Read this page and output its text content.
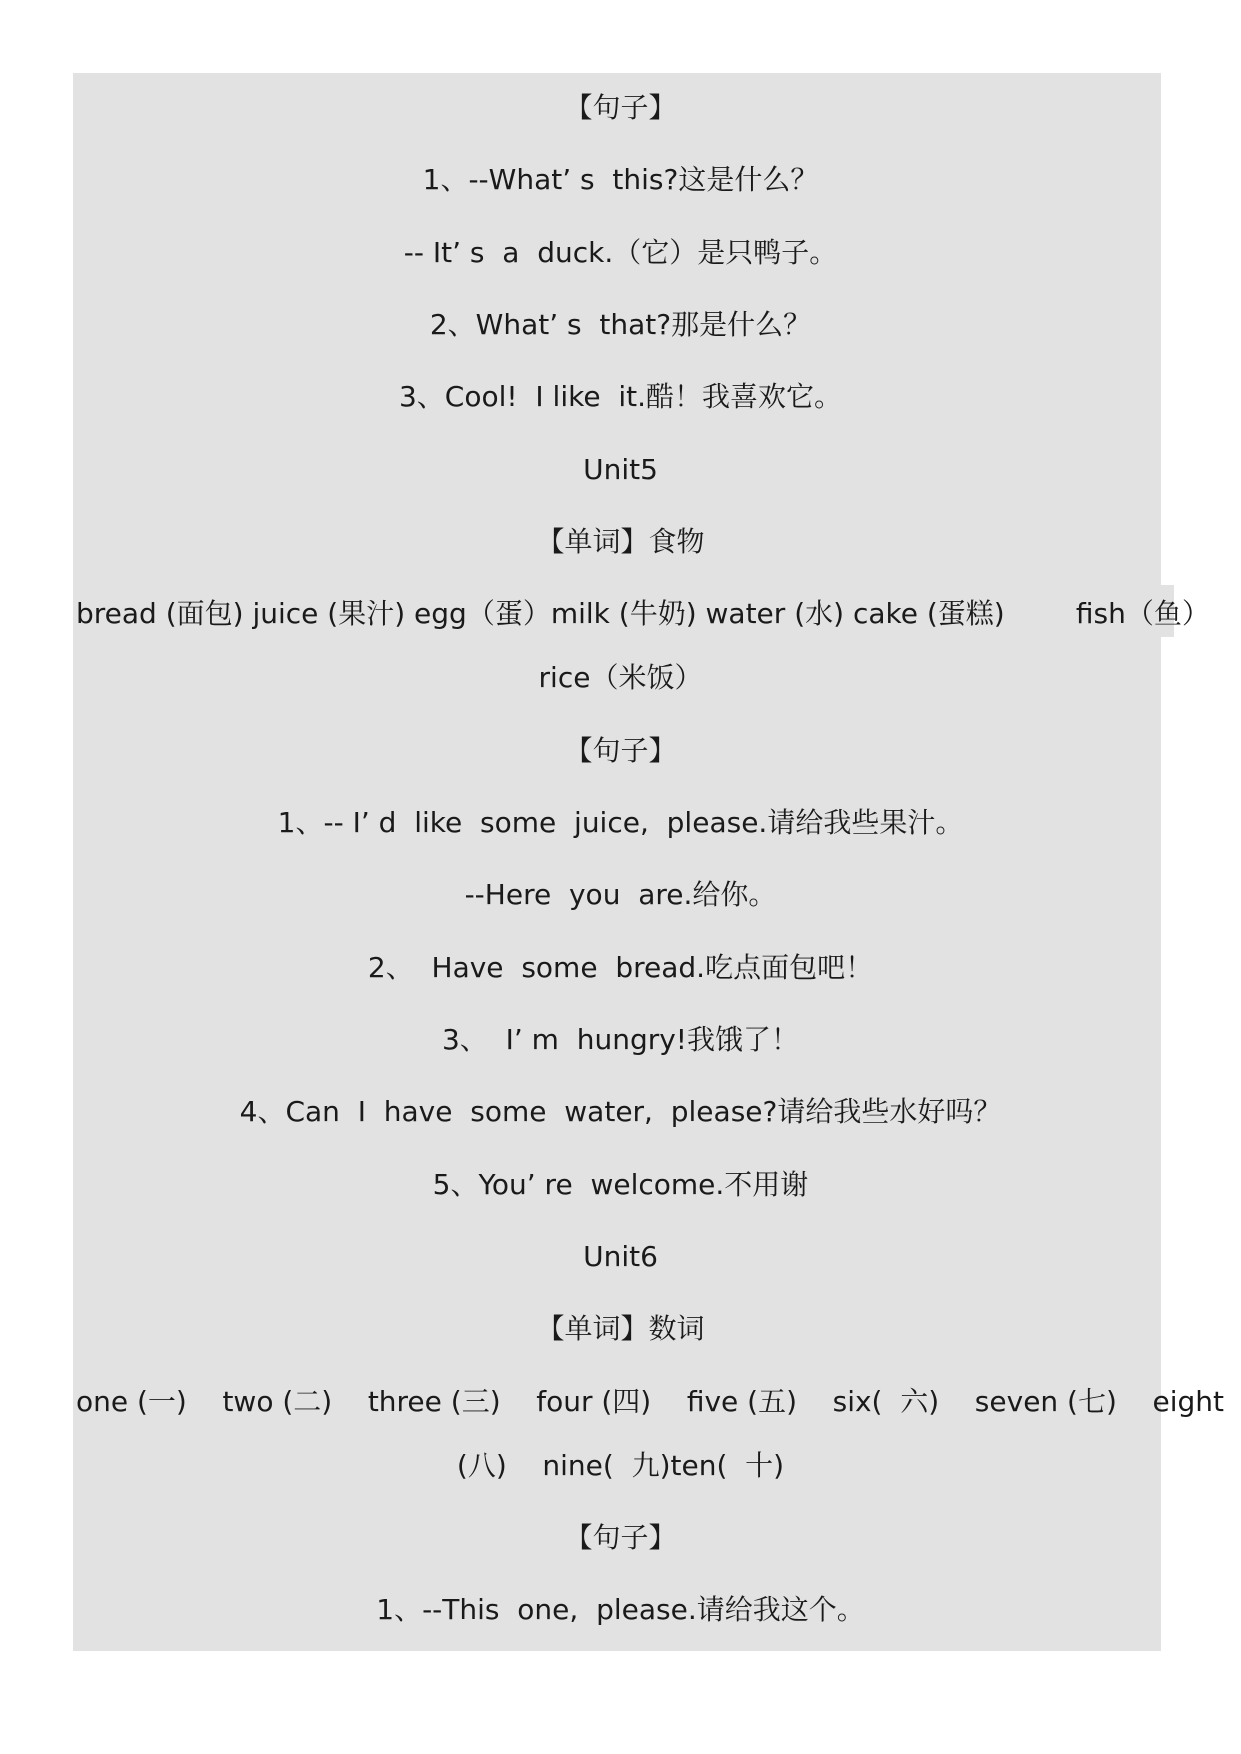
【句子】
1、--What’ s  this?这是什么？
-- It’ s  a  duck.（它）是只鸭子。
2、What’ s  that?那是什么？
3、Cool!  I like  it.酷！我喜欢它。
Unit5
【单词】食物
bread (面包) juice (果汁) egg（蛋）milk (牛奶) water (水) cake (蛋糕)        fish（鱼）
rice（米饭）
【句子】
1、-- I’ d  like  some  juice,  please.请给我些果汁。
--Here  you  are.给你。
2、  Have  some  bread.吃点面包吧！
3、  I’ m  hungry!我饿了！
4、Can  I  have  some  water,  please?请给我些水好吗？
5、You’ re  welcome.不用谢
Unit6
【单词】数词
one (一)    two (二)    three (三)    four (四)    five (五)    six(  六)    seven (七)    eight
(八)    nine(  九)ten(  十)
【句子】
1、--This  one,  please.请给我这个。
